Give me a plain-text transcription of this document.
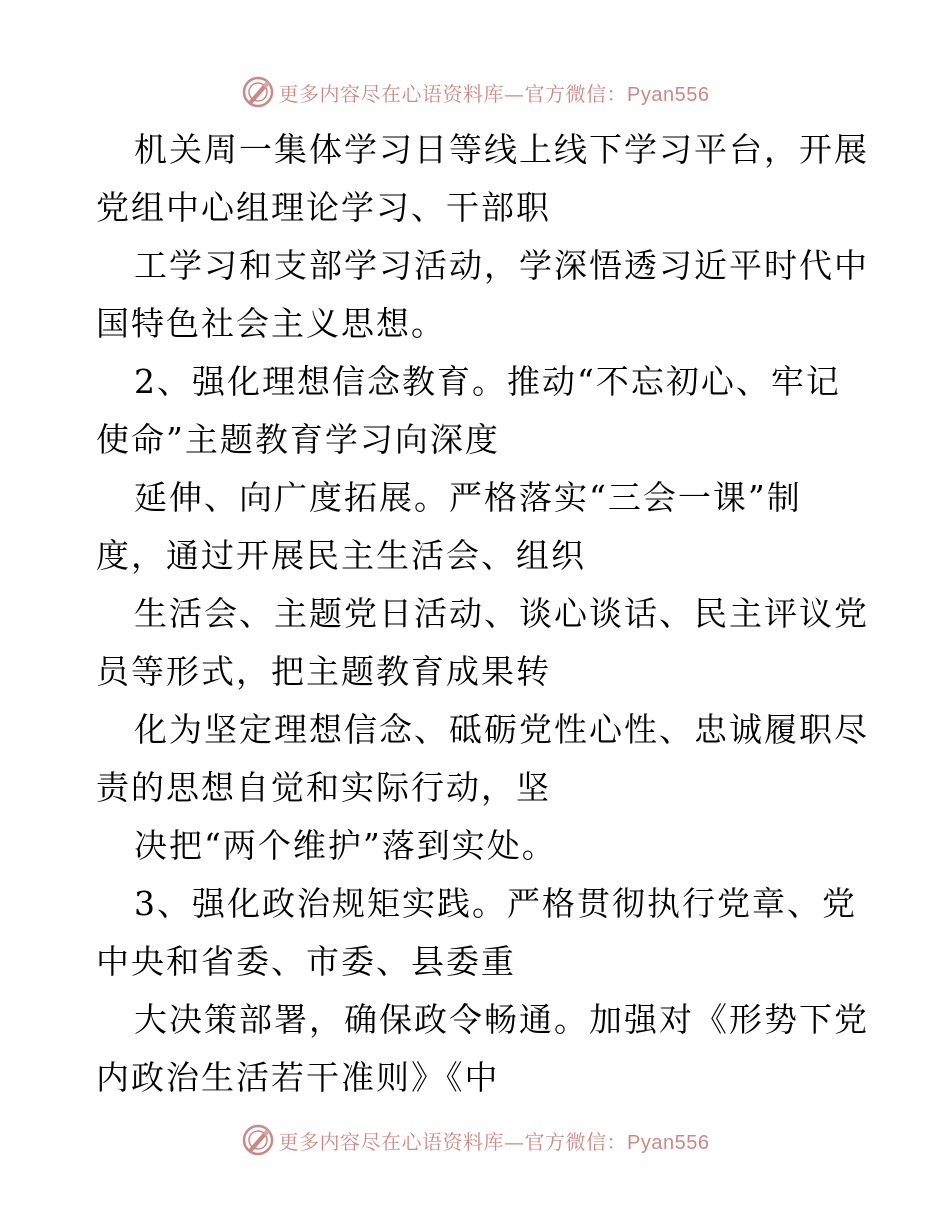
更多内容尽在心语资料库—官方微信：Pyan556
机关周一集体学习日等线上线下学习平台，开展
党组中心组理论学习、干部职
工学习和支部学习活动，学深悟透习近平时代中
国特色社会主义思想。
2、强化理想信念教育。推动“不忘初心、牢记
使命”主题教育学习向深度
延伸、向广度拓展。严格落实“三会一课”制
度，通过开展民主生活会、组织
生活会、主题党日活动、谈心谈话、民主评议党
员等形式，把主题教育成果转
化为坚定理想信念、砥砺党性心性、忠诚履职尽
责的思想自觉和实际行动，坚
决把“两个维护”落到实处。
3、强化政治规矩实践。严格贯彻执行党章、党
中央和省委、市委、县委重
大决策部署，确保政令畅通。加强对《形势下党
内政治生活若干准则》《中
更多内容尽在心语资料库—官方微信：Pyan556
